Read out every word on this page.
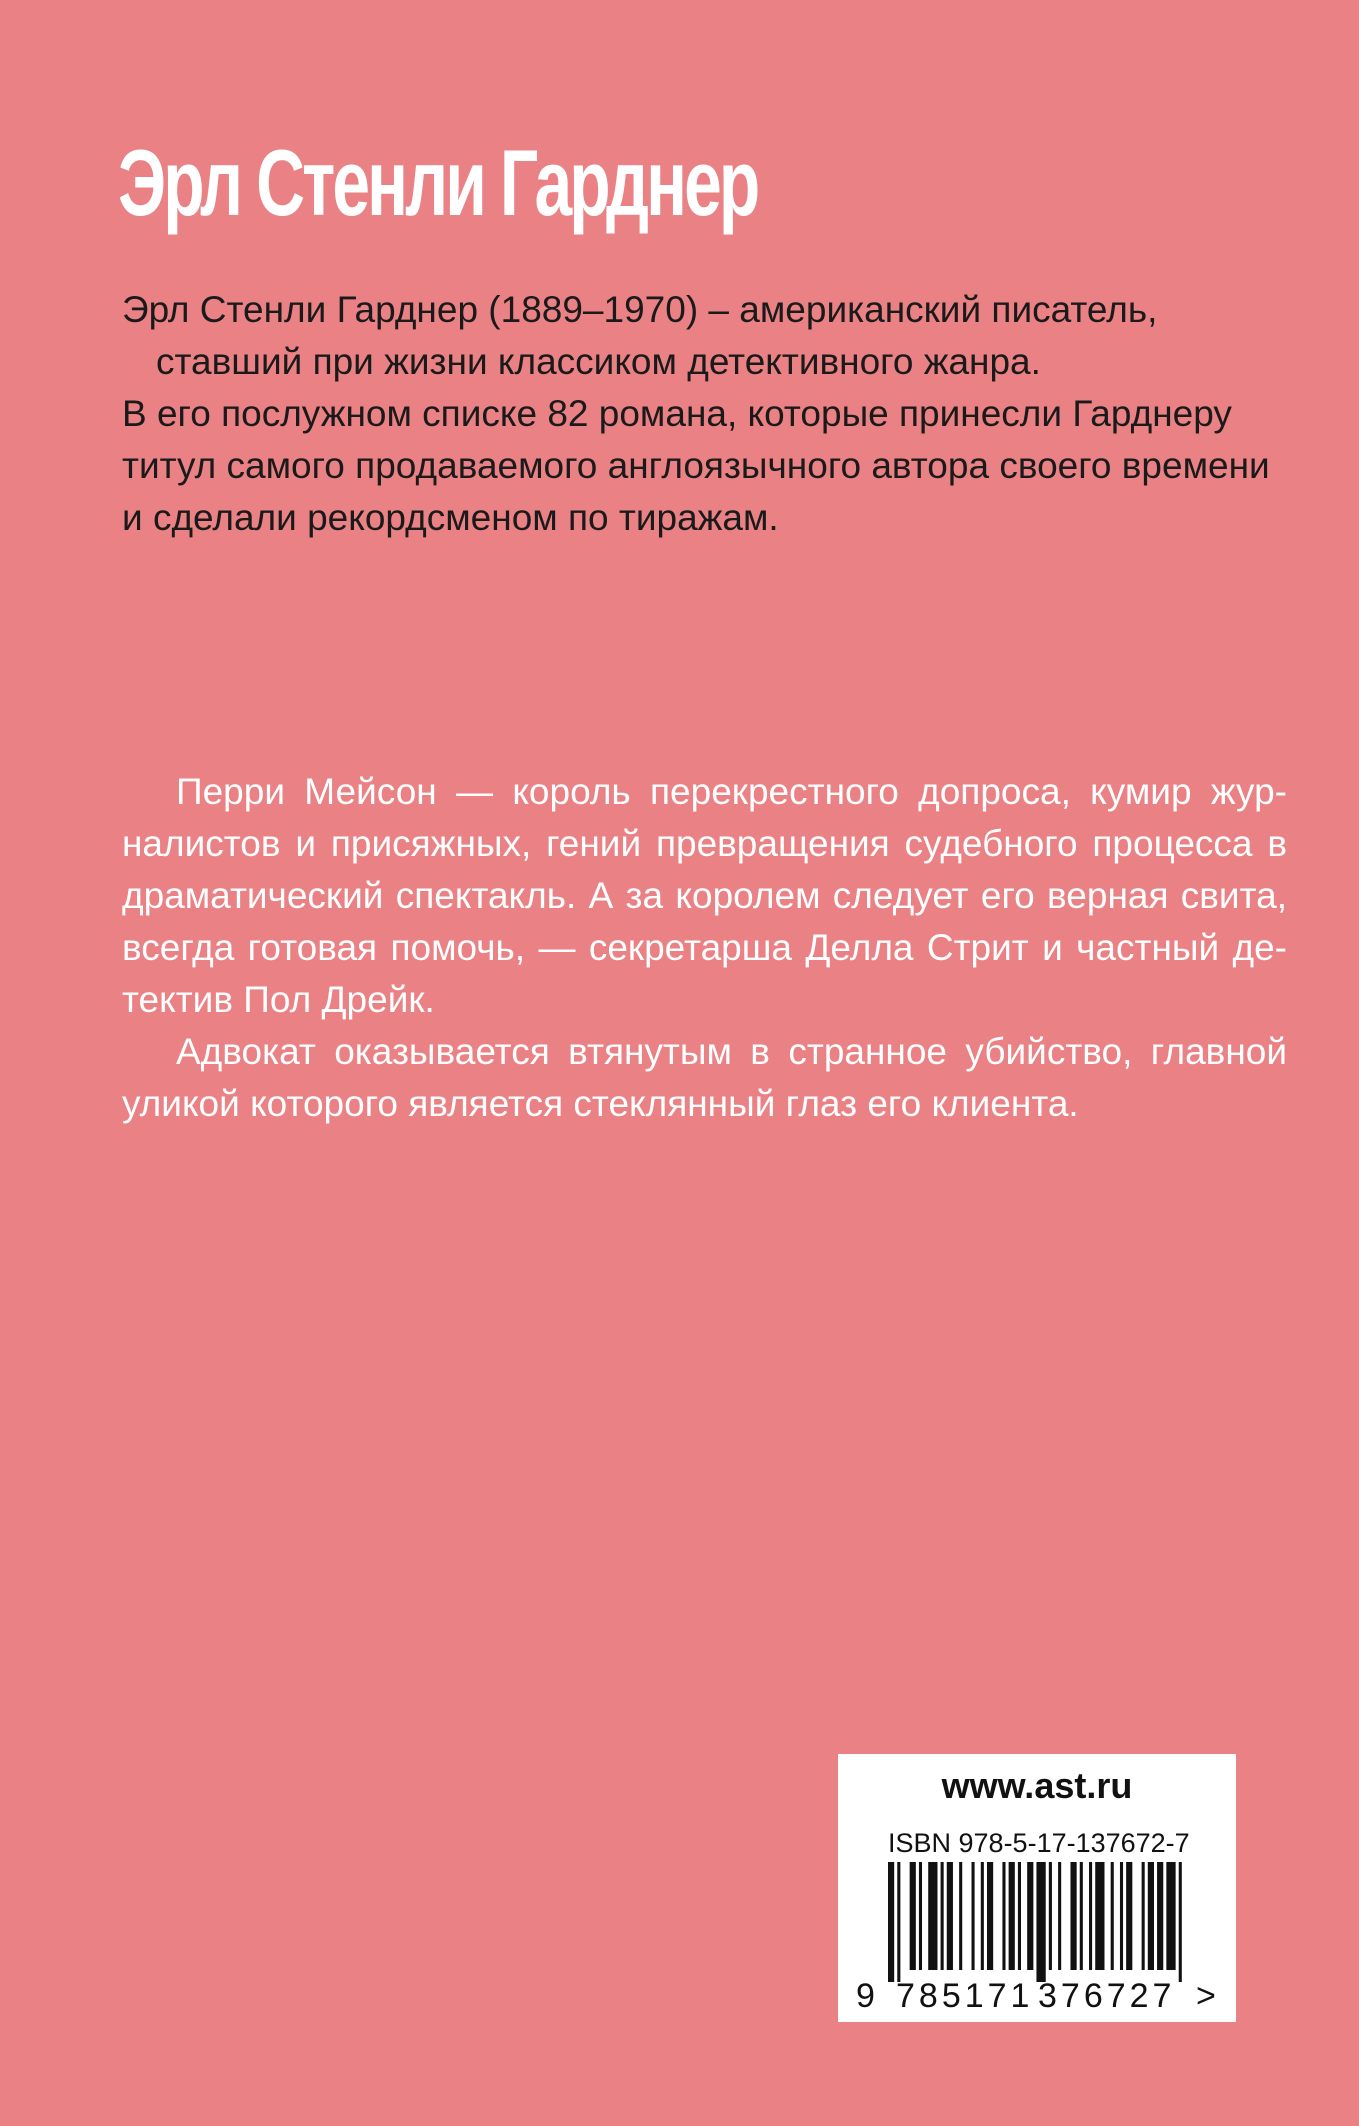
Эрл Стенли Гарднер
Эрл Стенли Гарднер (1889–1970) – американский писатель,
ставший при жизни классиком детективного жанра.
В его послужном списке 82 романа, которые принесли Гарднеру
титул самого продаваемого англоязычного автора своего времени
и сделали рекордсменом по тиражам.

Перри Мейсон — король перекрестного допроса, кумир журналистов и присяжных, гений превращения судебного процесса в драматический спектакль. А за королем следует его верная свита, всегда готовая помочь, — секретарша Делла Стрит и частный детектив Пол Дрейк.

Адвокат оказывается втянутым в странное убийство, главной уликой которого является стеклянный глаз его клиента.

www.ast.ru
ISBN 978-5-17-137672-7
9 785171 376727 >
